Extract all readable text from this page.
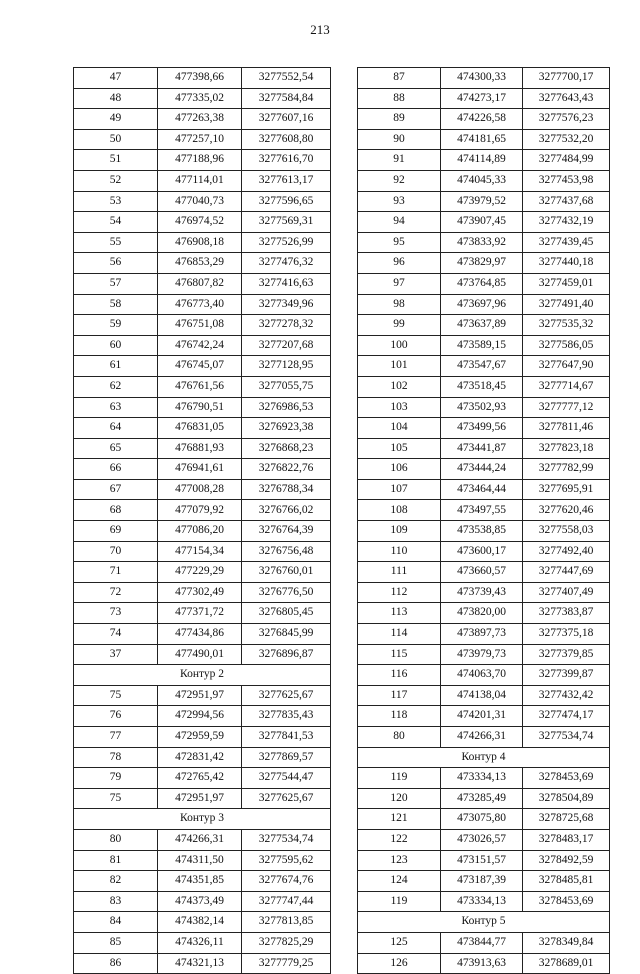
213
47	477398,66	3277552,54
48	477335,02	3277584,84
49	477263,38	3277607,16
50	477257,10	3277608,80
51	477188,96	3277616,70
52	477114,01	3277613,17
53	477040,73	3277596,65
54	476974,52	3277569,31
55	476908,18	3277526,99
56	476853,29	3277476,32
57	476807,82	3277416,63
58	476773,40	3277349,96
59	476751,08	3277278,32
60	476742,24	3277207,68
61	476745,07	3277128,95
62	476761,56	3277055,75
63	476790,51	3276986,53
64	476831,05	3276923,38
65	476881,93	3276868,23
66	476941,61	3276822,76
67	477008,28	3276788,34
68	477079,92	3276766,02
69	477086,20	3276764,39
70	477154,34	3276756,48
71	477229,29	3276760,01
72	477302,49	3276776,50
73	477371,72	3276805,45
74	477434,86	3276845,99
37	477490,01	3276896,87
Контур 2		
75	472951,97	3277625,67
76	472994,56	3277835,43
77	472959,59	3277841,53
78	472831,42	3277869,57
79	472765,42	3277544,47
75	472951,97	3277625,67
Контур 3		
80	474266,31	3277534,74
81	474311,50	3277595,62
82	474351,85	3277674,76
83	474373,49	3277747,44
84	474382,14	3277813,85
85	474326,11	3277825,29
86	474321,13	3277779,25
87	474300,33	3277700,17
88	474273,17	3277643,43
89	474226,58	3277576,23
90	474181,65	3277532,20
91	474114,89	3277484,99
92	474045,33	3277453,98
93	473979,52	3277437,68
94	473907,45	3277432,19
95	473833,92	3277439,45
96	473829,97	3277440,18
97	473764,85	3277459,01
98	473697,96	3277491,40
99	473637,89	3277535,32
100	473589,15	3277586,05
101	473547,67	3277647,90
102	473518,45	3277714,67
103	473502,93	3277777,12
104	473499,56	3277811,46
105	473441,87	3277823,18
106	473444,24	3277782,99
107	473464,44	3277695,91
108	473497,55	3277620,46
109	473538,85	3277558,03
110	473600,17	3277492,40
111	473660,57	3277447,69
112	473739,43	3277407,49
113	473820,00	3277383,87
114	473897,73	3277375,18
115	473979,73	3277379,85
116	474063,70	3277399,87
117	474138,04	3277432,42
118	474201,31	3277474,17
80	474266,31	3277534,74
Контур 4		
119	473334,13	3278453,69
120	473285,49	3278504,89
121	473075,80	3278725,68
122	473026,57	3278483,17
123	473151,57	3278492,59
124	473187,39	3278485,81
119	473334,13	3278453,69
Контур 5		
125	473844,77	3278349,84
126	473913,63	3278689,01
